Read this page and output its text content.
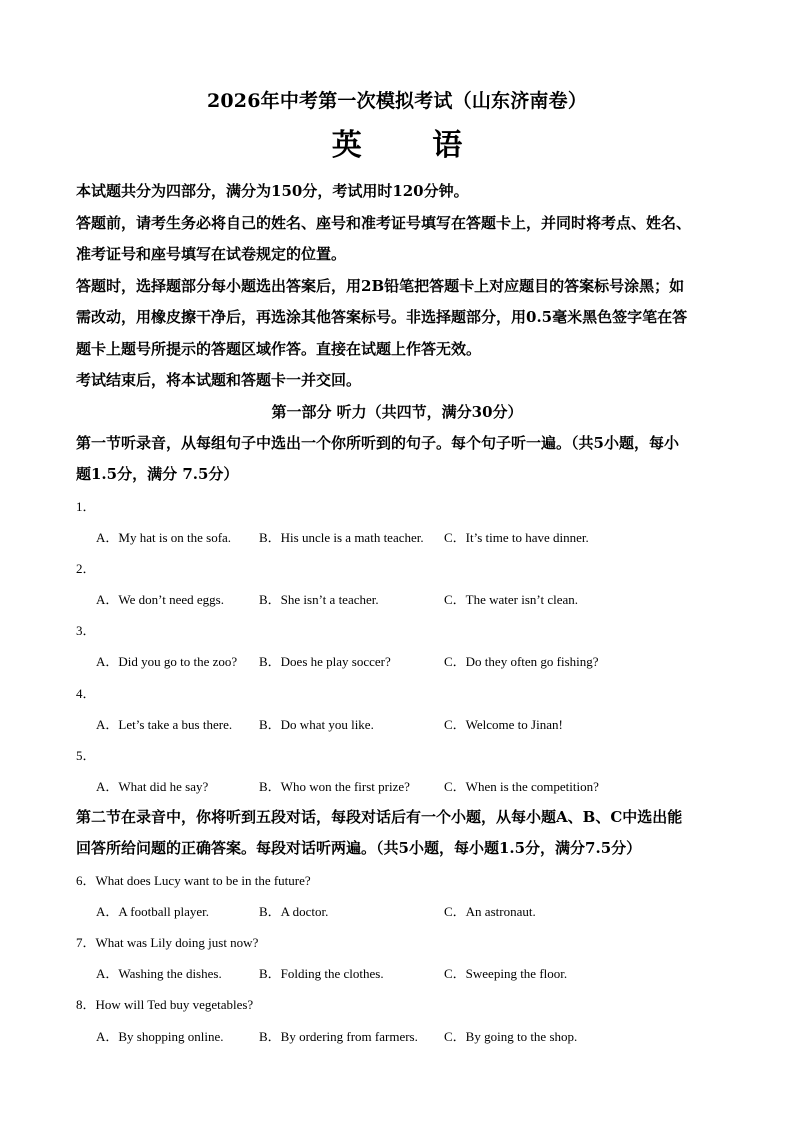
2026年中考第一次模拟考试（山东济南卷）
英 语
本试题共分为四部分，满分为150分，考试用时120分钟。
答题前，请考生务必将自己的姓名、座号和准考证号填写在答题卡上，并同时将考点、姓名、
准考证号和座号填写在试卷规定的位置。
答题时，选择题部分每小题选出答案后，用2B铅笔把答题卡上对应题目的答案标号涂黑；如
需改动，用橡皮擦干净后，再选涂其他答案标号。非选择题部分，用0.5毫米黑色签字笔在答
题卡上题号所提示的答题区域作答。直接在试题上作答无效。
考试结束后，将本试题和答题卡一并交回。
第一部分 听力（共四节，满分30分）
第一节听录音，从每组句子中选出一个你所听到的句子。每个句子听一遍。（共5小题，每小
题1.5分，满分 7.5分）
1．
A．My hat is on the sofa. B．His uncle is a math teacher. C．It’s time to have dinner.
2．
A．We don’t need eggs.	B．She isn’t a teacher.	C．The water isn’t clean.
3．
A．Did you go to the zoo? B．Does he play soccer?	C．Do they often go fishing?
4．
A．Let’s take a bus there. B．Do what you like.	C．Welcome to Jinan!
5．
A．What did he say?	B．Who won the first prize?	C．When is the competition?
第二节在录音中，你将听到五段对话，每段对话后有一个小题，从每小题A、B、C中选出能
回答所给问题的正确答案。每段对话听两遍。（共5小题，每小题1.5分，满分7.5分）
6．What does Lucy want to be in the future?
A．A football player.	B．A doctor.	C．An astronaut.
7．What was Lily doing just now?
A．Washing the dishes.	B．Folding the clothes.	C．Sweeping the floor.
8．How will Ted buy vegetables?
A．By shopping online.	B．By ordering from farmers. C．By going to the shop.
